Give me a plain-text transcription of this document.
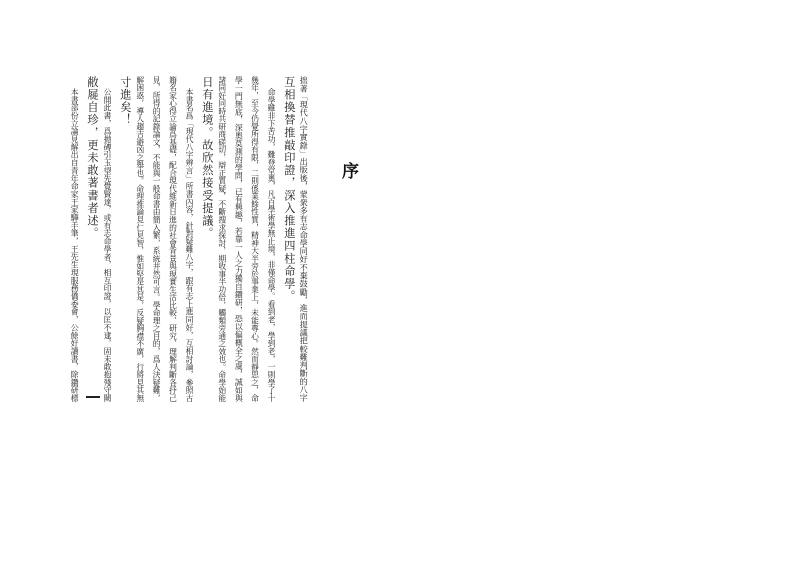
序
拙著「現代八字實錄」出版後，蒙衆多有志命學同好不棄鼓勵，進而提議把較難判斷的八字
互相換替推敲印證，深入推進四柱命學。
命學雖非下苦功，難登堂奧，凡百學術學無止境，非僅命學。看到老，學到老，一則學了十
幾年，至今仍覺所得有限，二則係業餘性質，精神大半旁於事業上，未能專心。然而靜思之，命
學一門無底，深奧莫測的學問，已有興趣，若靠一人之力獨自鑽研，恐以偏概全之虞，誠如與
諸同好同時共研商磋切，辯正質疑，不斷搜求探討，期收事半功倍，觸類旁通之效也。命學始能
日有進境。故欣然接受提議。
本書名爲「現代八字辨言」所書內容，針對疑難八字，跟有志上進同好，互相討論，參照古
籍名家心得立論爲基礎，配合現代維新日進的社會背景與現實生活比較、研究、理解判斷各抒己
見，所得的記錄論文，不能與一般命書由簡入繁，系統井然可言。學命理之目的，爲人決疑難，
解困惑，導人趨吉避凶之舉也。命理推論見仁見智，惟如堅是其是，反疑胸襟不廣，行將見其無
寸進矣！
公開此書，爲拋磚引玉望先覺賢達，或有志命學者，相互印證，以匡不逮，固未敢抱殘守闕
敝屣自珍，更未敢著書者述。
本書部份立論見解出自青年命家王家驊手筆，王先生現服務僑委會，公餘好讀書，除鑽研標
